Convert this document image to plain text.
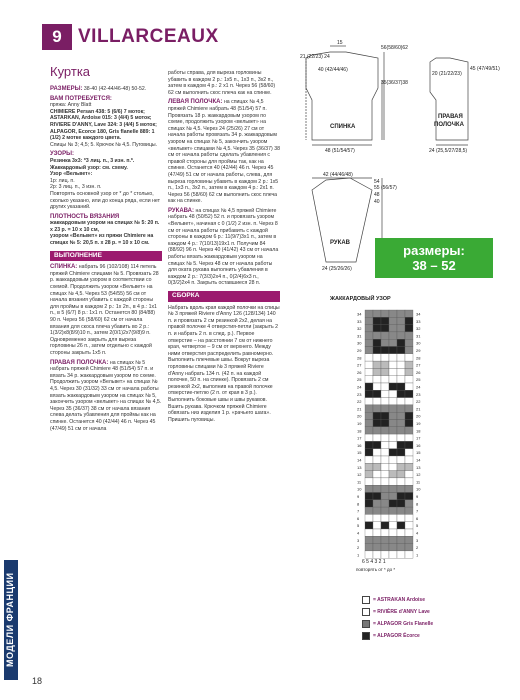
МОДЕЛИ ФРАНЦИИ
9 VILLARCEAUX
Куртка

РАЗМЕРЫ: 38-40 (42-44/46-48) 50-52.

ВАМ ПОТРЕБУЕТСЯ:
пряжа: Anny Blatt
CHIMIERE Persan 438: 5 (6/6) 7 моток;
ASTARKAN, Ardoise 015: 3 (4/4) 5 моток;
RIVIERE D'ANNY, Lave 324: 3 (4/4) 5 моток;
ALPAGOR, Ecorce 180, Gris flanelle 889: 1 (1/2) 2 мотке каждого цвета.

Спицы № 3; 4,5; 5. Крючок № 4,5. Пуговицы.

УЗОРЫ:
Резинка 3х3: *3 лиц. п., 3 изн. п.*.
Жаккардовый узор: см. схему.
Узор «Вельвет»:
1р: лиц. п.
2р: 3 лиц. п., 3 изн. п.

Повторять основной узор от * до * столько, сколько указано, или до конца ряда, если нет других указаний.

ПЛОТНОСТЬ ВЯЗАНИЯ
жаккардовым узором на спицах № 5: 20 п. х 23 р. = 10 х 10 см,

узором «Вельвет» из пряжи Chimiere на спицах № 5: 20,5 п. х 28 р. = 10 х 10 см.

ВЫПОЛНЕНИЕ

СПИНКА: набрать 96 (102/108) 114 петель пряжей Chimiere спицами № 5. Провязать 28 р. жаккардовым узором в соответствии со схемой. Продолжить узором «Вельвет» на спицах № 4,5. Через 53 (54/55) 56 см от начала вязания убавить с каждой стороны для проймы в каждом 2 р.: 1х 2п., в 4 р.: 1х1 п., в 5 (6/7) 8 р.: 1х1 п. Останется 80 (84/88) 90 п. Через 56 (58/60) 62 см от начала вязания для скоса плеча убавить во 2 р.: 1(3/2)х8(8/9)10 п., затем 2(0/1)2х7(9/8)9 п. Одновременно закрыть для выреза горловины 26 п., затем отдельно с каждой стороны закрыть 1х5 п.

ПРАВАЯ ПОЛОЧКА: на спицах № 5 набрать пряжей Chimiere 48 (51/54) 57 п. и вязать 34 р. жаккардовым узором по схеме. Продолжить узором «Вельвет» на спицах № 4,5. Через 30 (31/32) 33 см от начала работы вязать жаккардовым узором на спицах № 5, закончить узором «вельвет» на спицах № 4,5. Через 35 (36/37) 38 см от начала вязания слева делать убавления для проймы как на спинке. Останется 40 (42/44) 46 п. Через 45 (47/49) 51 см от начала

работы справа, для выреза горловины убавить в каждом 2 р.: 1х5 п., 1х3 п., 3х2 п., затем в каждом 4 р.: 2 х1 п. Через 56 (58/60) 62 см выполнить скос плеча как на спинке.

ЛЕВАЯ ПОЛОЧКА: на спицах № 4,5 пряжей Chimiere набрать 48 (51/54) 57 п. Провязать 18 р. жаккардовым узором по схеме, продолжить узором «вельвет» на спицах № 4,5. Через 24 (25/26) 27 см от начала работы провязать 34 р. жаккардовым узором на спицах № 5, закончить узором «вельвет» спицами № 4,5. Через 35 (36/37) 38 см от начала работы сделать убавления с правой стороны для проймы так, как на спинке. Останется 40 (42/44) 46 п. Через 45 (47/49) 51 см от начала работы, слева, для выреза горловины убавить в каждом 2 р.: 1х5 п., 1х3 п., 3х2 п., затем в каждом 4 р.: 2х1 п. Через 56 (58/60) 62 см выполнить скос плеча как на спинке.

РУКАВА: на спицах № 4,5 пряжей Chimiere набрать 48 (50/52) 52 п. и провязать узором «Вельвет», начиная с 0 (1/2) 2 изн. п. Через 8 см от начала работы прибавить с каждой стороны в каждом 6 р.: 11(9/7)3х1 п., затем в каждом 4 р.: 7(10/13)19х1 п. Получим 84 (88/92) 96 п. Через 40 (41/42) 43 см от начала работы вязать жаккардовым узором на спицах № 5. Через 48 см от начала работы для оката рукава выполнить убавления в каждом 2 р.: 7(3/3)2х4 п., 0(2/4)6х3 п., 0(3/2)2х4 п. Закрыть оставшиеся 28 п.

СБОРКА

Набрать вдоль края каждой полочки на спицы № 3 пряжей Riviere d'Anny 126 (128/134) 140 п. и провязать 2 см резинкой 2х2, делая на правой полочке 4 отверстия-петли (закрыть 2 п. и набрать 2 п. в след. р.). Первое отверстие – на расстоянии 7 см от нижнего края, четвертое – 9 см от верхнего. Между ними отверстия распределить равномерно. Выполнить плечевые швы. Вокруг выреза горловины спицами № 3 пряжей Riviere d'Anny набрать 134 п. (42 п. на каждой полочке, 50 п. на спинке). Провязать 2 см резинкой 2х2, выполнив на правой полочке отверстие-петлю (2 п. от края в 3 р.). Выполнить боковые швы и швы рукавов. Вшить рукава. Крючком пряжей Chimiere обвязать низ изделия 1 р. «рачьего шага». Пришить пуговицы.

15
56(58/60)62
35(36/37)38
21 (22/23) 24
40 (42/44/46)
СПИНКА
48 (51/54/57)
20 (21/22/23)
45 (47/49/51)
ПРАВАЯ
ПОЛОЧКА
24 (25,5/27/28,5)
42 (44/46/48)
54
55 (56/57)
48
40
РУКАВ
24 (25/26/26)
ЖАККАРДОВЫЙ УЗОР
34	34
33	33
32	32
31	31
30	30
29	29
28	28
27	27
26	26
25	25
24	24
23	23
22	22
21	21
20	20
19	19
18	18
17	17
16	16
15	15
14	14
13	13
12	12
11	11
10	10
9	9
8	8
7	7
6	6
5	5
4	4
3	3
2	2
1	1
6 5 4 3 2 1
повторять от * до *
размеры:
38 – 52
= ASTRAKAN Ardoise
= RIVIÈRE d'ANNY Lave
= ALPAGOR Gris Flanelle
= ALPAGOR Écorce
18
